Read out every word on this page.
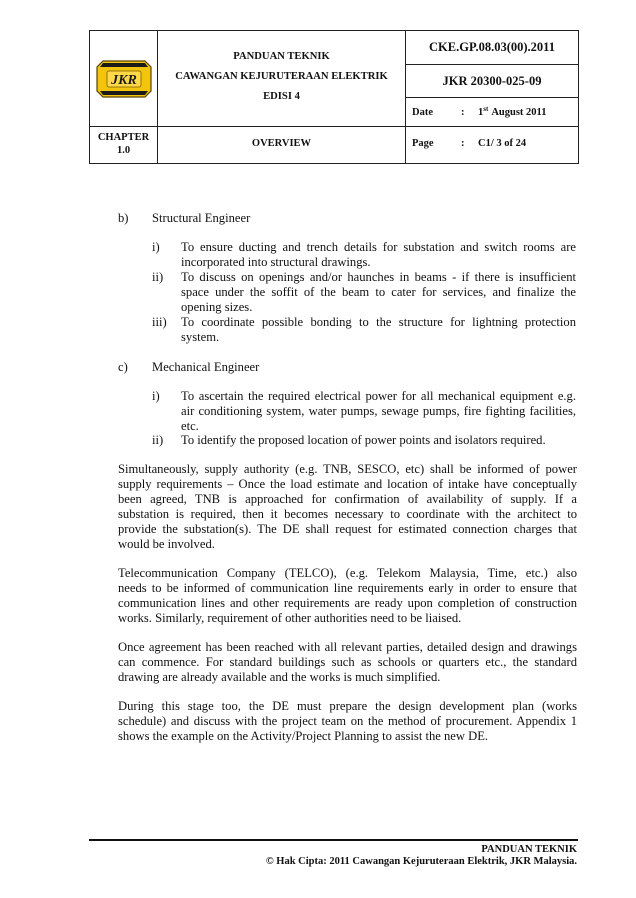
JKR
PANDUAN TEKNIK
CAWANGAN KEJURUTERAAN ELEKTRIK
EDISI 4
CKE.GP.08.03(00).2011
JKR 20300-025-09
Date	:	1st August 2011
CHAPTER
1.0
OVERVIEW	Page	:	C1/ 3 of 24
b) Structural Engineer
i)	To ensure ducting and trench details for substation and switch rooms are
incorporated into structural drawings.
ii)	To discuss on openings and/or haunches in beams - if there is insufficient
space under the soffit of the beam to cater for services, and finalize the
opening sizes.
iii)	To coordinate possible bonding to the structure for lightning protection
system.
c) Mechanical Engineer
i)	To ascertain the required electrical power for all mechanical equipment e.g.
air conditioning system, water pumps, sewage pumps, fire fighting facilities,
etc.
ii)	To identify the proposed location of power points and isolators required.
Simultaneously, supply authority (e.g. TNB, SESCO, etc) shall be informed of power
supply requirements – Once the load estimate and location of intake have conceptually
been agreed, TNB is approached for confirmation of availability of supply. If a
substation is required, then it becomes necessary to coordinate with the architect to
provide the substation(s). The DE shall request for estimated connection charges that
would be involved.
Telecommunication Company (TELCO), (e.g. Telekom Malaysia, Time, etc.) also
needs to be informed of communication line requirements early in order to ensure that
communication lines and other requirements are ready upon completion of construction
works. Similarly, requirement of other authorities need to be liaised.
Once agreement has been reached with all relevant parties, detailed design and drawings
can commence. For standard buildings such as schools or quarters etc., the standard
drawing are already available and the works is much simplified.
During this stage too, the DE must prepare the design development plan (works
schedule) and discuss with the project team on the method of procurement. Appendix 1
shows the example on the Activity/Project Planning to assist the new DE.
PANDUAN TEKNIK
© Hak Cipta: 2011 Cawangan Kejuruteraan Elektrik, JKR Malaysia.
